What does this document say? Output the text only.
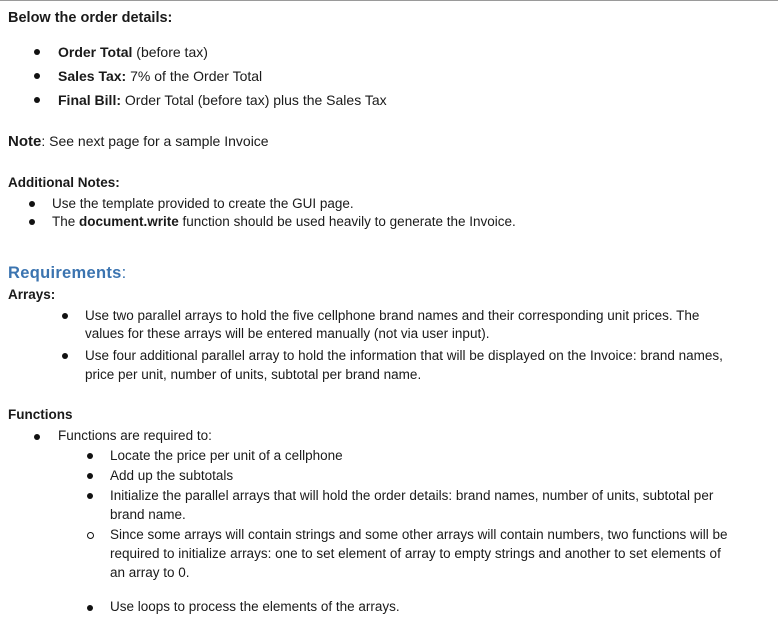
Below the order details:
Order Total (before tax)
Sales Tax: 7% of the Order Total
Final Bill: Order Total (before tax) plus the Sales Tax
Note: See next page for a sample Invoice
Additional Notes:
Use the template provided to create the GUI page.
The document.write function should be used heavily to generate the Invoice.
Requirements:
Arrays:
Use two parallel arrays to hold the five cellphone brand names and their corresponding unit prices. The
values for these arrays will be entered manually (not via user input).
Use four additional parallel array to hold the information that will be displayed on the Invoice: brand names,
price per unit, number of units, subtotal per brand name.
Functions
Functions are required to:
Locate the price per unit of a cellphone
Add up the subtotals
Initialize the parallel arrays that will hold the order details: brand names, number of units, subtotal per
brand name.
Since some arrays will contain strings and some other arrays will contain numbers, two functions will be
required to initialize arrays: one to set element of array to empty strings and another to set elements of
an array to 0.
Use loops to process the elements of the arrays.
